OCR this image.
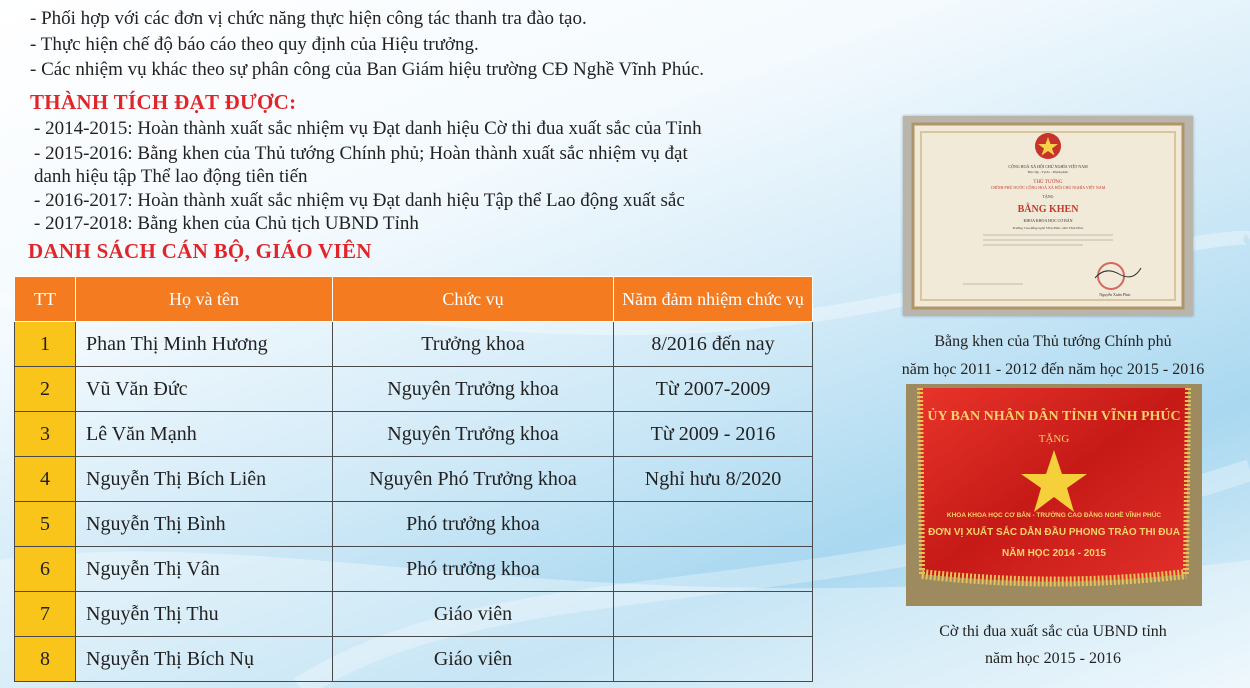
- Phối hợp với các đơn vị chức năng thực hiện công tác thanh tra đào tạo.
- Thực hiện chế độ báo cáo theo quy định của Hiệu trưởng.
- Các nhiệm vụ khác theo sự phân công của Ban Giám hiệu trường CĐ Nghề Vĩnh Phúc.
THÀNH TÍCH ĐẠT ĐƯỢC:
- 2014-2015: Hoàn thành xuất sắc nhiệm vụ Đạt danh hiệu Cờ thi đua xuất sắc của Tỉnh
- 2015-2016: Bằng khen của Thủ tướng Chính phủ; Hoàn thành xuất sắc nhiệm vụ đạt
danh hiệu tập Thể lao động tiên tiến
- 2016-2017: Hoàn thành xuất sắc nhiệm vụ Đạt danh hiệu Tập thể Lao động xuất sắc
- 2017-2018: Bằng khen của Chủ tịch UBND Tỉnh
DANH SÁCH CÁN BỘ, GIÁO VIÊN
TT	Họ và tên	Chức vụ	Năm đảm nhiệm chức vụ
1	Phan Thị Minh Hương	Trưởng khoa	8/2016 đến nay
2	Vũ Văn Đức	Nguyên Trưởng khoa	Từ 2007-2009
3	Lê Văn Mạnh	Nguyên Trưởng khoa	Từ 2009 - 2016
4	Nguyễn Thị Bích Liên	Nguyên Phó Trưởng khoa	Nghỉ hưu 8/2020
5	Nguyễn Thị Bình	Phó trưởng khoa	
6	Nguyễn Thị Vân	Phó trưởng khoa	
7	Nguyễn Thị Thu	Giáo viên	
8	Nguyễn Thị Bích Nụ	Giáo viên	
CỘNG HOÀ XÃ HỘI CHỦ NGHĨA VIỆT NAM
Độc lập - Tự do - Hạnh phúc
THỦ TƯỚNG
CHÍNH PHỦ NƯỚC CỘNG HOÀ XÃ HỘI CHỦ NGHĨA VIỆT NAM
TẶNG
BẰNG KHEN
KHOA KHOA HỌC CƠ BẢN
Trường Cao đẳng nghề Vĩnh Phúc, tỉnh Vĩnh Phúc
Nguyễn Xuân Phúc
Bằng khen của Thủ tướng Chính phủ
năm học 2011 - 2012 đến năm học 2015 - 2016
ỦY BAN NHÂN DÂN TỈNH VĨNH PHÚC
TẶNG
KHOA KHOA HỌC CƠ BẢN - TRƯỜNG CAO ĐẲNG NGHỀ VĨNH PHÚC
ĐƠN VỊ XUẤT SẮC DẪN ĐẦU PHONG TRÀO THI ĐUA
NĂM HỌC 2014 - 2015
Cờ thi đua xuất sắc của UBND tỉnh
năm học 2015 - 2016
